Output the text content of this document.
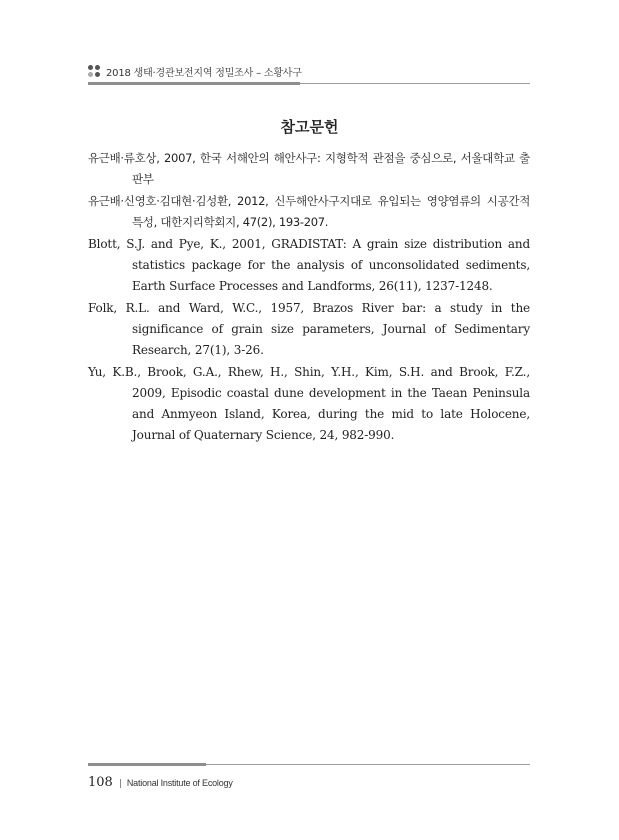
2018 생태·경관보전지역 정밀조사 – 소황사구
참고문헌

유근배·류호상, 2007, 한국 서해안의 해안사구: 지형학적 관점을 중심으로, 서울대학교 출판부

유근배·신영호·김대현·김성환, 2012, 신두해안사구지대로 유입되는 영양염류의 시공간적 특성, 대한지리학회지, 47(2), 193-207.

Blott, S.J. and Pye, K., 2001, GRADISTAT: A grain size distribution and statistics package for the analysis of unconsolidated sediments, Earth Surface Processes and Landforms, 26(11), 1237-1248.

Folk, R.L. and Ward, W.C., 1957, Brazos River bar: a study in the significance of grain size parameters, Journal of Sedimentary Research, 27(1), 3-26.

Yu, K.B., Brook, G.A., Rhew, H., Shin, Y.H., Kim, S.H. and Brook, F.Z., 2009, Episodic coastal dune development in the Taean Peninsula and Anmyeon Island, Korea, during the mid to late Holocene, Journal of Quaternary Science, 24, 982-990.

108 | National Institute of Ecology
